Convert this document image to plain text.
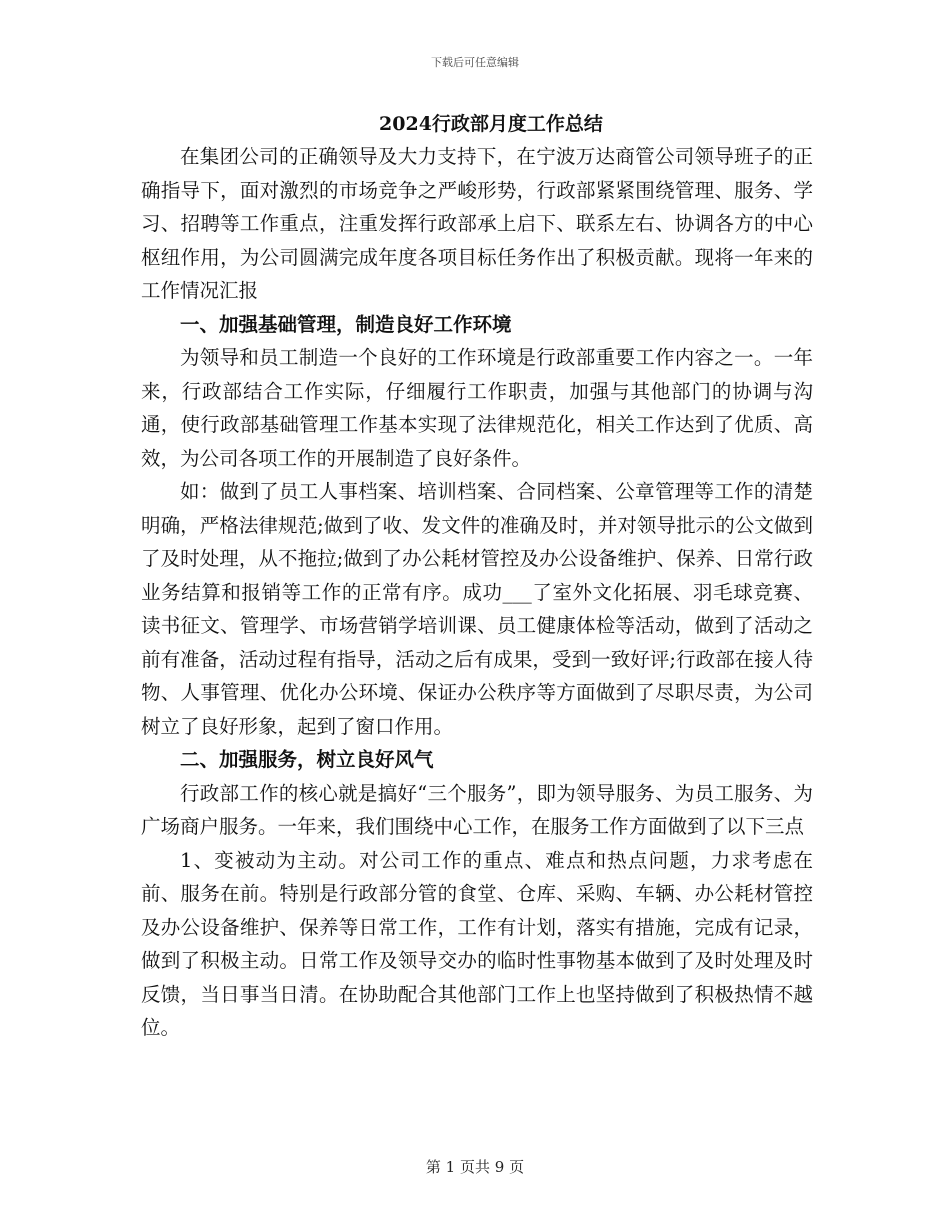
下载后可任意编辑
2024行政部月度工作总结

在集团公司的正确领导及大力支持下，在宁波万达商管公司领导班子的正确指导下，面对激烈的市场竞争之严峻形势，行政部紧紧围绕管理、服务、学习、招聘等工作重点，注重发挥行政部承上启下、联系左右、协调各方的中心枢纽作用，为公司圆满完成年度各项目标任务作出了积极贡献。现将一年来的工作情况汇报

一、加强基础管理，制造良好工作环境

为领导和员工制造一个良好的工作环境是行政部重要工作内容之一。一年来，行政部结合工作实际，仔细履行工作职责，加强与其他部门的协调与沟通，使行政部基础管理工作基本实现了法律规范化，相关工作达到了优质、高效，为公司各项工作的开展制造了良好条件。

如：做到了员工人事档案、培训档案、合同档案、公章管理等工作的清楚明确，严格法律规范;做到了收、发文件的准确及时，并对领导批示的公文做到了及时处理，从不拖拉;做到了办公耗材管控及办公设备维护、保养、日常行政业务结算和报销等工作的正常有序。成功___了室外文化拓展、羽毛球竞赛、读书征文、管理学、市场营销学培训课、员工健康体检等活动，做到了活动之前有准备，活动过程有指导，活动之后有成果，受到一致好评;行政部在接人待物、人事管理、优化办公环境、保证办公秩序等方面做到了尽职尽责，为公司树立了良好形象，起到了窗口作用。

二、加强服务，树立良好风气

行政部工作的核心就是搞好“三个服务”，即为领导服务、为员工服务、为广场商户服务。一年来，我们围绕中心工作，在服务工作方面做到了以下三点

1、变被动为主动。对公司工作的重点、难点和热点问题，力求考虑在前、服务在前。特别是行政部分管的食堂、仓库、采购、车辆、办公耗材管控及办公设备维护、保养等日常工作，工作有计划，落实有措施，完成有记录，做到了积极主动。日常工作及领导交办的临时性事物基本做到了及时处理及时反馈，当日事当日清。在协助配合其他部门工作上也坚持做到了积极热情不越位。

第 1 页共 9 页
